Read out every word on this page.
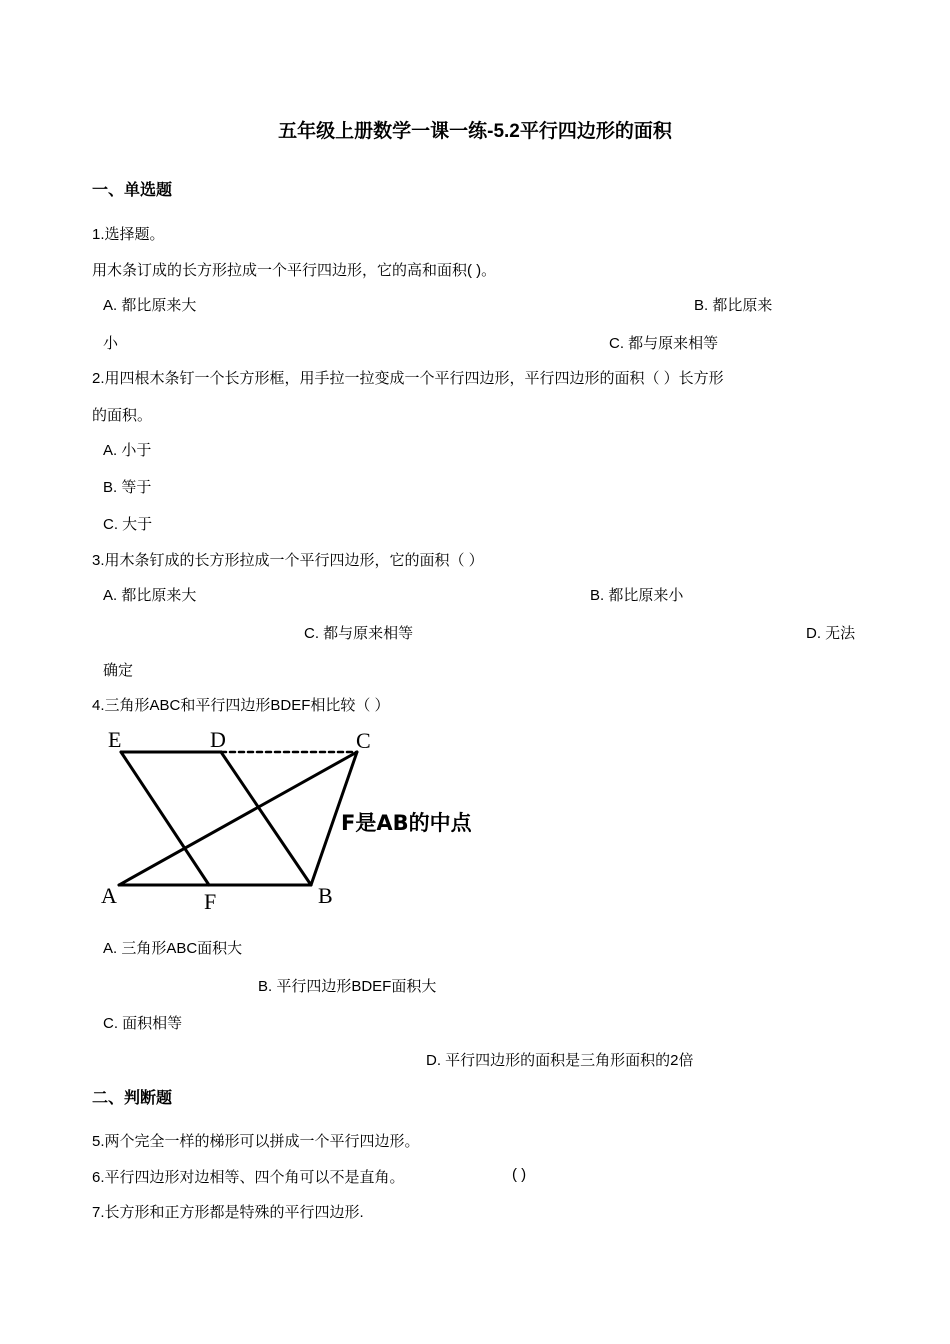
五年级上册数学一课一练-5.2平行四边形的面积
一、单选题
1.选择题。
用木条订成的长方形拉成一个平行四边形，它的高和面积( )。
A. 都比原来大	B. 都比原来
小	C. 都与原来相等
2.用四根木条钉一个长方形框，用手拉一拉变成一个平行四边形，平行四边形的面积（ ）长方形
的面积。
A. 小于
B. 等于
C. 大于
3.用木条钉成的长方形拉成一个平行四边形，它的面积（ ）
A. 都比原来大	B. 都比原来小
C. 都与原来相等	D. 无法
确定
4.三角形ABC和平行四边形BDEF相比较（ ）
E	D	C
A	F	B
F是AB的中点
A. 三角形ABC面积大
B. 平行四边形BDEF面积大
C. 面积相等
D. 平行四边形的面积是三角形面积的2倍
二、判断题
5.两个完全一样的梯形可以拼成一个平行四边形。
6.平行四边形对边相等、四个角可以不是直角。	( )
7.长方形和正方形都是特殊的平行四边形.
